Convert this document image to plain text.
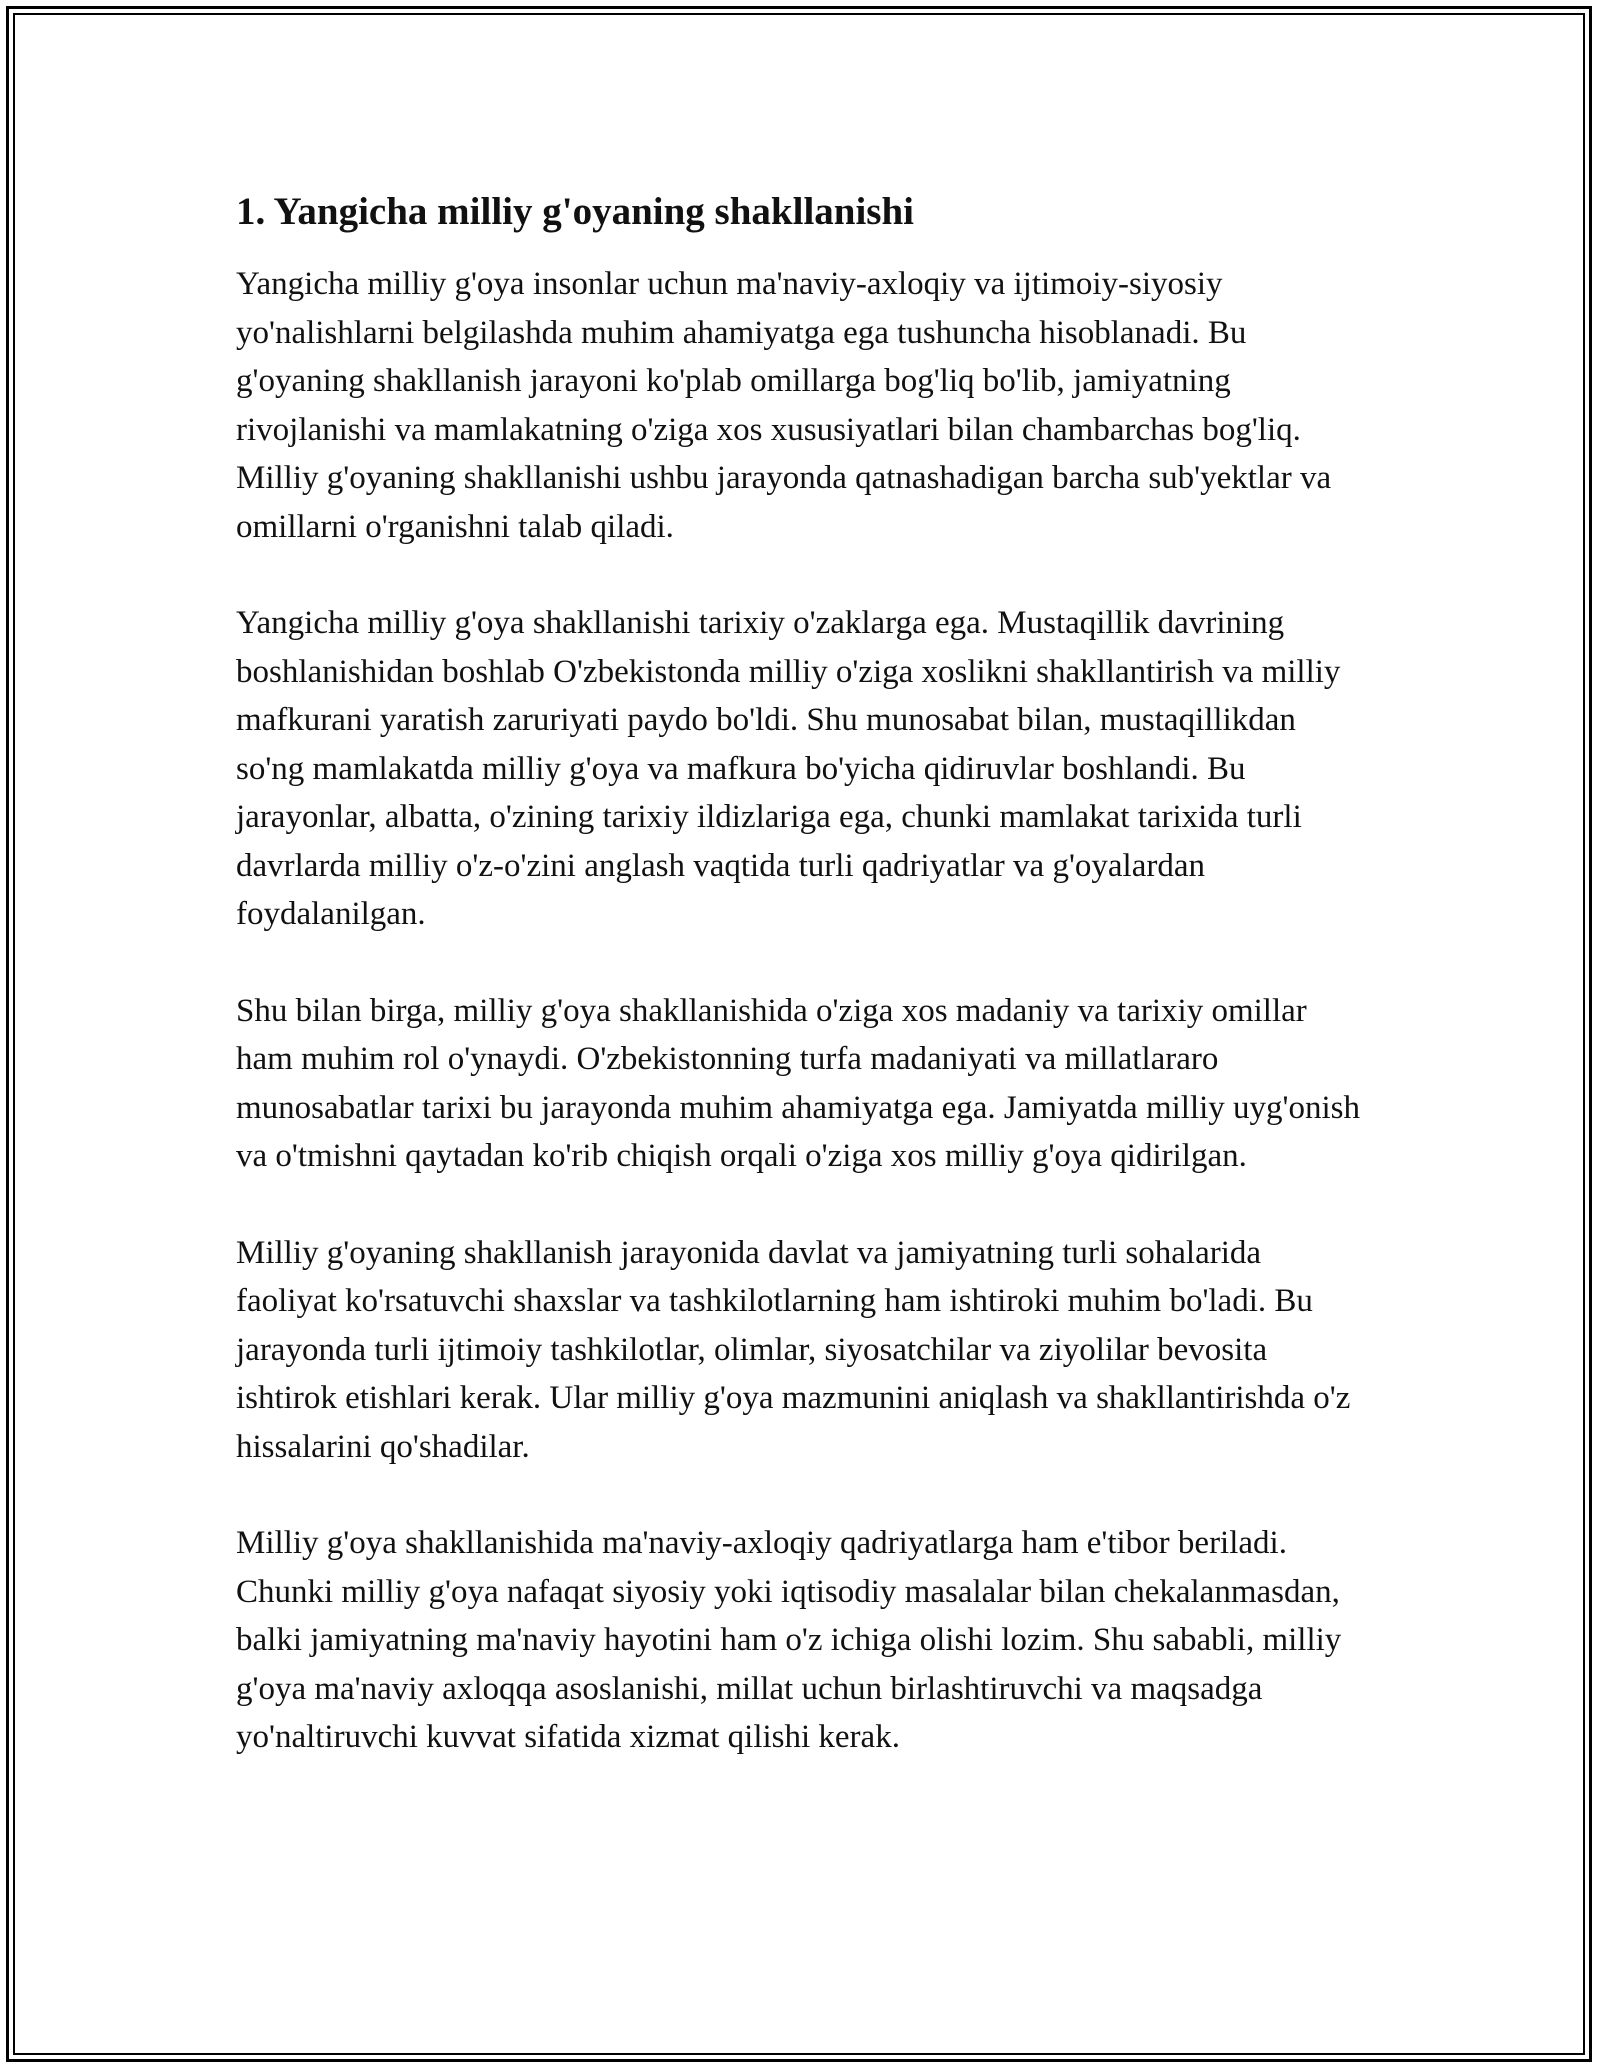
1. Yangicha milliy g'oyaning shakllanishi

Yangicha milliy g'oya insonlar uchun ma'naviy-axloqiy va ijtimoiy-siyosiy yo'nalishlarni belgilashda muhim ahamiyatga ega tushuncha hisoblanadi. Bu g'oyaning shakllanish jarayoni ko'plab omillarga bog'liq bo'lib, jamiyatning rivojlanishi va mamlakatning o'ziga xos xususiyatlari bilan chambarchas bog'liq. Milliy g'oyaning shakllanishi ushbu jarayonda qatnashadigan barcha sub'yektlar va omillarni o'rganishni talab qiladi.

Yangicha milliy g'oya shakllanishi tarixiy o'zaklarga ega. Mustaqillik davrining boshlanishidan boshlab O'zbekistonda milliy o'ziga xoslikni shakllantirish va milliy mafkurani yaratish zaruriyati paydo bo'ldi. Shu munosabat bilan, mustaqillikdan so'ng mamlakatda milliy g'oya va mafkura bo'yicha qidiruvlar boshlandi. Bu jarayonlar, albatta, o'zining tarixiy ildizlariga ega, chunki mamlakat tarixida turli davrlarda milliy o'z-o'zini anglash vaqtida turli qadriyatlar va g'oyalardan foydalanilgan.

Shu bilan birga, milliy g'oya shakllanishida o'ziga xos madaniy va tarixiy omillar ham muhim rol o'ynaydi. O'zbekistonning turfa madaniyati va millatlararo munosabatlar tarixi bu jarayonda muhim ahamiyatga ega. Jamiyatda milliy uyg'onish va o'tmishni qaytadan ko'rib chiqish orqali o'ziga xos milliy g'oya qidirilgan.

Milliy g'oyaning shakllanish jarayonida davlat va jamiyatning turli sohalarida faoliyat ko'rsatuvchi shaxslar va tashkilotlarning ham ishtiroki muhim bo'ladi. Bu jarayonda turli ijtimoiy tashkilotlar, olimlar, siyosatchilar va ziyolilar bevosita ishtirok etishlari kerak. Ular milliy g'oya mazmunini aniqlash va shakllantirishda o'z hissalarini qo'shadilar.

Milliy g'oya shakllanishida ma'naviy-axloqiy qadriyatlarga ham e'tibor beriladi. Chunki milliy g'oya nafaqat siyosiy yoki iqtisodiy masalalar bilan chekalanmasdan, balki jamiyatning ma'naviy hayotini ham o'z ichiga olishi lozim. Shu sababli, milliy g'oya ma'naviy axloqqa asoslanishi, millat uchun birlashtiruvchi va maqsadga yo'naltiruvchi kuvvat sifatida xizmat qilishi kerak.
